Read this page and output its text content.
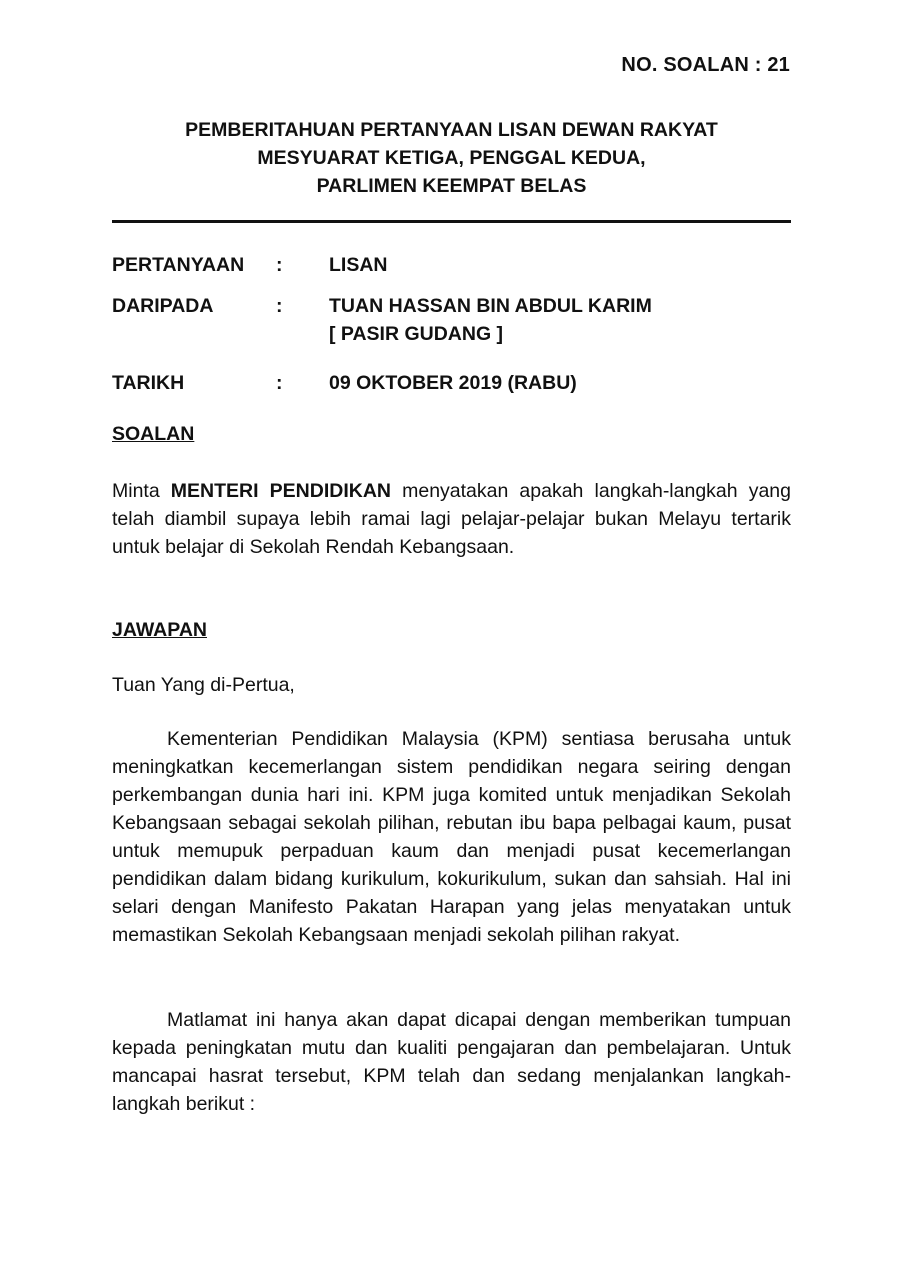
NO. SOALAN : 21
PEMBERITAHUAN PERTANYAAN LISAN DEWAN RAKYAT
MESYUARAT KETIGA, PENGGAL KEDUA,
PARLIMEN KEEMPAT BELAS
PERTANYAAN	: LISAN
DARIPADA	: TUAN HASSAN BIN ABDUL KARIM
[ PASIR GUDANG ]
TARIKH	: 09 OKTOBER 2019 (RABU)
SOALAN
Minta MENTERI PENDIDIKAN menyatakan apakah langkah-langkah yang telah diambil supaya lebih ramai lagi pelajar-pelajar bukan Melayu tertarik untuk belajar di Sekolah Rendah Kebangsaan.
JAWAPAN
Tuan Yang di-Pertua,
Kementerian Pendidikan Malaysia (KPM) sentiasa berusaha untuk meningkatkan kecemerlangan sistem pendidikan negara seiring dengan perkembangan dunia hari ini. KPM juga komited untuk menjadikan Sekolah Kebangsaan sebagai sekolah pilihan, rebutan ibu bapa pelbagai kaum, pusat untuk memupuk perpaduan kaum dan menjadi pusat kecemerlangan pendidikan dalam bidang kurikulum, kokurikulum, sukan dan sahsiah. Hal ini selari dengan Manifesto Pakatan Harapan yang jelas menyatakan untuk memastikan Sekolah Kebangsaan menjadi sekolah pilihan rakyat.
Matlamat ini hanya akan dapat dicapai dengan memberikan tumpuan kepada peningkatan mutu dan kualiti pengajaran dan pembelajaran. Untuk mancapai hasrat tersebut, KPM telah dan sedang menjalankan langkah-langkah berikut :
